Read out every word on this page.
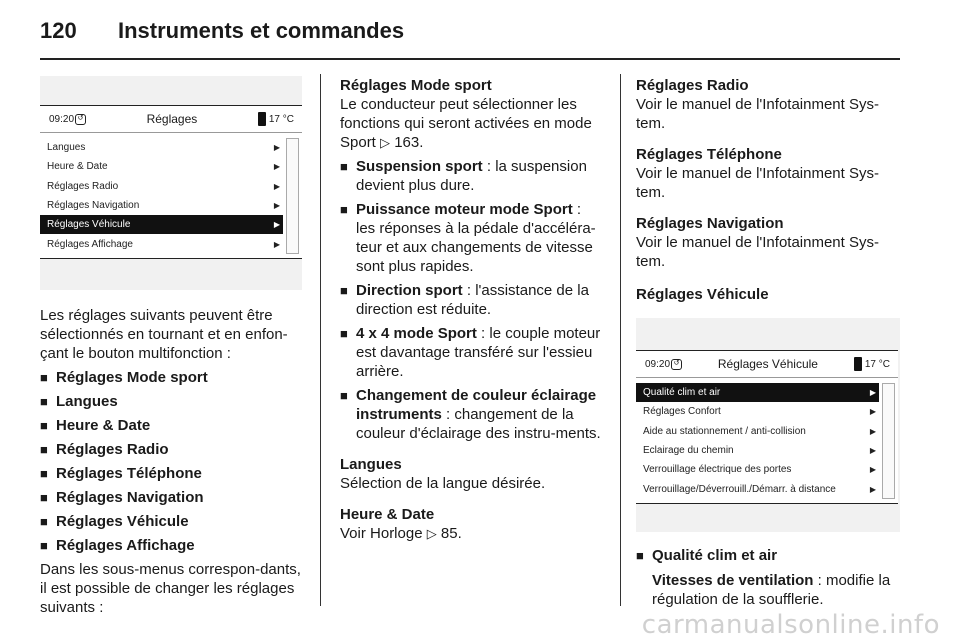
120	Instruments et commandes
09:20 ↺	Réglages	17 °C
Langues	▶
Heure & Date	▶
Réglages Radio	▶
Réglages Navigation	▶
Réglages Véhicule	▶
Réglages Affichage	▶
Les réglages suivants peuvent être sélectionnés en tournant et en enfon-çant le bouton multifonction :
■ Réglages Mode sport
■ Langues
■ Heure & Date
■ Réglages Radio
■ Réglages Téléphone
■ Réglages Navigation
■ Réglages Véhicule
■ Réglages Affichage
Dans les sous-menus correspon-dants, il est possible de changer les réglages suivants :
Réglages Mode sport
Le conducteur peut sélectionner les fonctions qui seront activées en mode Sport ▷ 163.
■ Suspension sport : la suspension devient plus dure.
■ Puissance moteur mode Sport : les réponses à la pédale d'accéléra-teur et aux changements de vitesse sont plus rapides.
■ Direction sport : l'assistance de la direction est réduite.
■ 4 x 4 mode Sport : le couple moteur est davantage transféré sur l'essieu arrière.
■ Changement de couleur éclairage instruments : changement de la couleur d'éclairage des instru-ments.
Langues
Sélection de la langue désirée.
Heure & Date
Voir Horloge ▷ 85.
Réglages Radio
Voir le manuel de l'Infotainment Sys-tem.
Réglages Téléphone
Voir le manuel de l'Infotainment Sys-tem.
Réglages Navigation
Voir le manuel de l'Infotainment Sys-tem.
Réglages Véhicule
09:20 ↺	Réglages Véhicule	17 °C
Qualité clim et air	▶
Réglages Confort	▶
Aide au stationnement / anti-collision	▶
Eclairage du chemin	▶
Verrouillage électrique des portes	▶
Verrouillage/Déverrouill./Démarr. à distance	▶
■ Qualité clim et air
Vitesses de ventilation : modifie la régulation de la soufflerie.
carmanualsonline.info
